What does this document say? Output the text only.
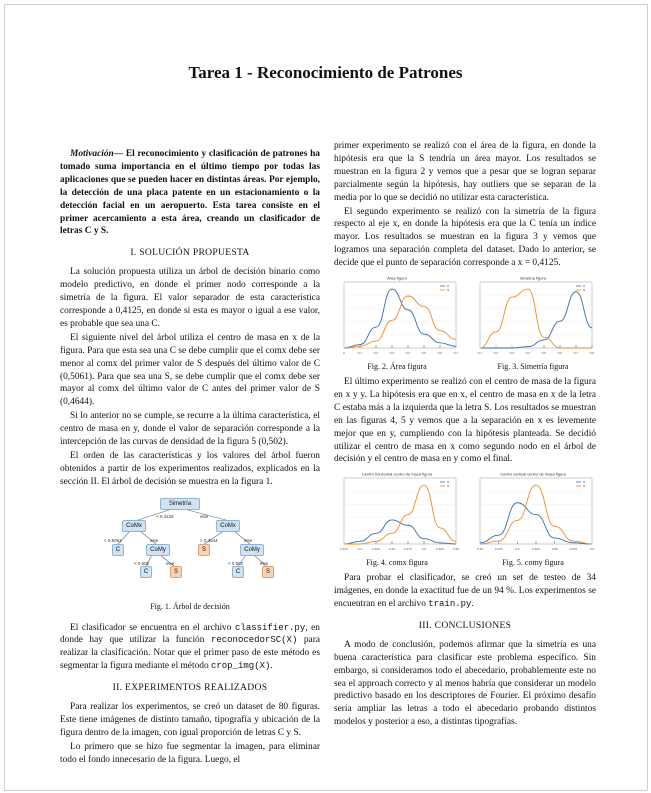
Tarea 1 - Reconocimiento de Patrones

Motivación— El reconocimiento y clasificación de patrones ha tomado suma importancia en el último tiempo por todas las aplicaciones que se pueden hacer en distintas áreas. Por ejemplo, la detección de una placa patente en un estacionamiento o la detección facial en un aeropuerto. Esta tarea consiste en el primer acercamiento a esta área, creando un clasificador de letras C y S.

I. SOLUCIÓN PROPUESTA

La solución propuesta utiliza un árbol de decisión binario como modelo predictivo, en donde el primer nodo corresponde a la simetría de la figura. El valor separador de esta característica corresponde a 0,4125, en donde si esta es mayor o igual a ese valor, es probable que sea una C.

El siguiente nivel del árbol utiliza el centro de masa en x de la figura. Para que esta sea una C se debe cumplir que el comx debe ser menor al comx del primer valor de S después del último valor de C (0,5061). Para que sea una S, se debe cumplir que el comx debe ser mayor al comx del último valor de C antes del primer valor de S (0,4644).

Si lo anterior no se cumple, se recurre a la última característica, el centro de masa en y, donde el valor de separación corresponde a la intercepción de las curvas de densidad de la figura 5 (0,502).

El orden de las características y los valores del árbol fueron obtenidos a partir de los experimentos realizados, explicados en la sección II. El árbol de decisión se muestra en la figura 1.

Simetría
< 0.4125	else
CoMx	CoMx
< 0.5061	else	> 0.4644	else
C	CoMy	S	CoMy
< 0.502	else	< 0.502	else
C	S	C	S
Fig. 1. Árbol de decisión

El clasificador se encuentra en el archivo classifier.py, en donde hay que utilizar la función reconocedorSC(X) para realizar la clasificación. Notar que el primer paso de este método es segmentar la figura mediante el método crop_img(X).

II. EXPERIMENTOS REALIZADOS

Para realizar los experimentos, se creó un dataset de 80 figuras. Este tiene imágenes de distinto tamaño, tipografía y ubicación de la figura dentro de la imagen, con igual proporción de letras C y S.

Lo primero que se hizo fue segmentar la imagen, para eliminar todo el fondo innecesario de la figura. Luego, el

primer experimento se realizó con el área de la figura, en donde la hipótesis era que la S tendría un área mayor. Los resultados se muestran en la figura 2 y vemos que a pesar que se logran separar parcialmente según la hipótesis, hay outliers que se separan de la media por lo que se decidió no utilizar esta característica.

El segundo experimento se realizó con la simetría de la figura respecto al eje x, en donde la hipótesis era que la C tenía un índice mayor. Los resultados se muestran en la figura 3 y vemos que logramos una separación completa del dataset. Dado lo anterior, se decide que el punto de separación corresponde a x = 0,4125.

Área figura
0	0.1	0.2	0.3	0.4	0.5	0.6	0.7
C
S
Fig. 2. Área figura
Simetría figura
0.1	0.2	0.3	0.4	0.5	0.6	0.7	0.8
C
S
Fig. 3. Simetría figura

El último experimento se realizó con el centro de masa de la figura en x y y. La hipótesis era que en x, el centro de masa en x de la letra C estaba más a la izquierda que la letra S. Los resultados se muestran en las figuras 4, 5 y vemos que a la separación en x es levemente mejor que en y, cumpliendo con la hipótesis planteada. Se decidió utilizar el centro de masa en x como segundo nodo en el árbol de decisión y el centro de masa en y como el final.

Centro horizontal centro de masa figura
0.375	0.4	0.425	0.45	0.475	0.5	0.525	0.55
C
S
Fig. 4. comx figura
Centro vertical centro de masa figura
0.45	0.475	0.5	0.525	0.55	0.575	0.6
C
S
Fig. 5. comy figura

Para probar el clasificador, se creó un set de testeo de 34 imágenes, en donde la exactitud fue de un 94 %. Los experimentos se encuentran en el archivo train.py.

III. CONCLUSIONES

A modo de conclusión, podemos afirmar que la simetría es una buena característica para clasificar este problema específico. Sin embargo, si consideramos todo el abecedario, probablemente este no sea el approach correcto y al menos habría que considerar un modelo predictivo basado en los descriptores de Fourier. El próximo desafío sería ampliar las letras a todo el abecedario probando distintos modelos y posterior a eso, a distintas tipografías.
